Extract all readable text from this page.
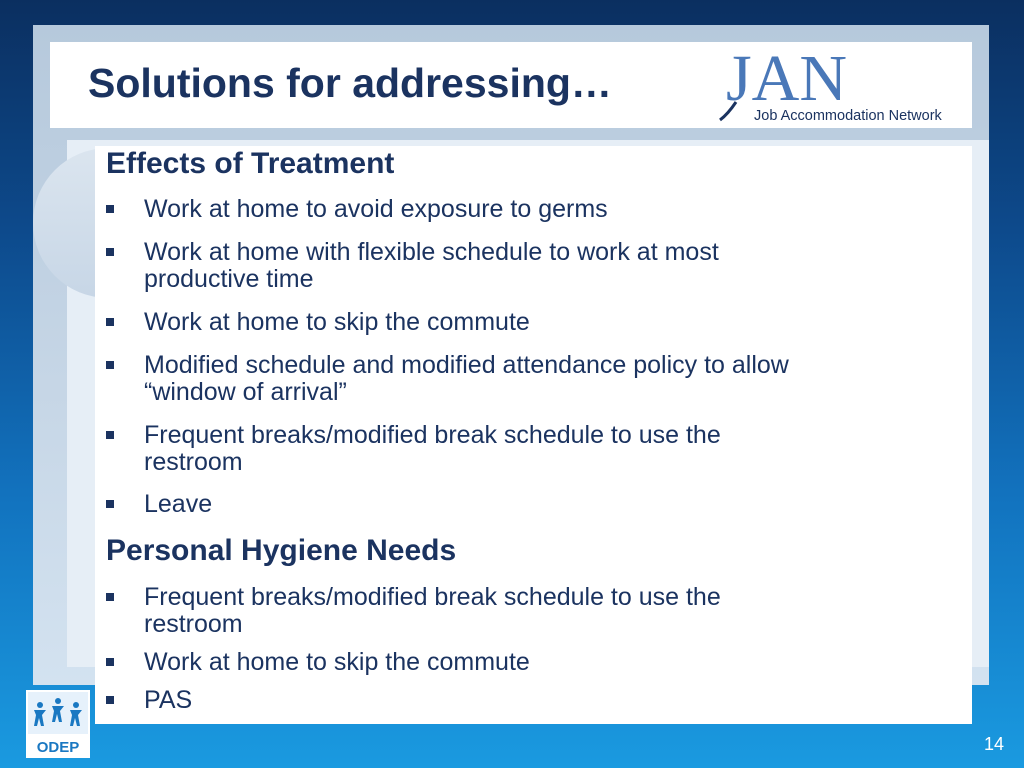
Solutions for addressing… JAN
Job Accommodation Network
Effects of Treatment
Work at home to avoid exposure to germs
Work at home with flexible schedule to work at most productive time
Work at home to skip the commute
Modified schedule and modified attendance policy to allow “window of arrival”
Frequent breaks/modified break schedule to use the restroom
Leave
Personal Hygiene Needs
Frequent breaks/modified break schedule to use the restroom
Work at home to skip the commute
PAS
ODEP	14
